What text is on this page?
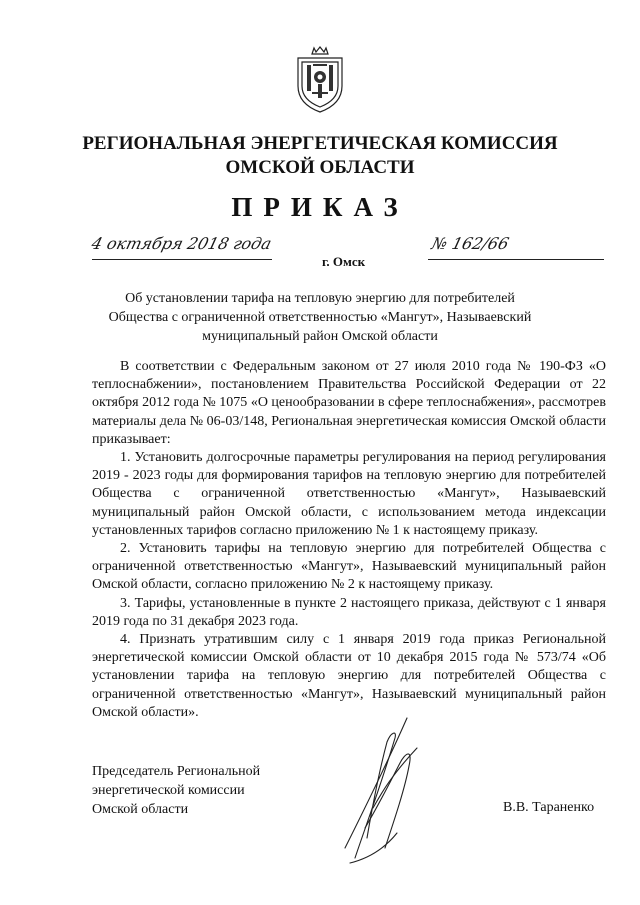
РЕГИОНАЛЬНАЯ ЭНЕРГЕТИЧЕСКАЯ КОМИССИЯ
ОМСКОЙ ОБЛАСТИ
ПРИКАЗ
4 октября 2018 года
г. Омск
№ 162/66
Об установлении тарифа на тепловую энергию для потребителей
Общества с ограниченной ответственностью «Мангут», Называевский
муниципальный район Омской области

В соответствии с Федеральным законом от 27 июля 2010 года № 190-ФЗ «О теплоснабжении», постановлением Правительства Российской Федерации от 22 октября 2012 года № 1075 «О ценообразовании в сфере теплоснабжения», рассмотрев материалы дела № 06-03/148, Региональная энергетическая комиссия Омской области приказывает:

1. Установить долгосрочные параметры регулирования на период регулирования 2019 - 2023 годы для формирования тарифов на тепловую энергию для потребителей Общества с ограниченной ответственностью «Мангут», Называевский муниципальный район Омской области, с использованием метода индексации установленных тарифов согласно приложению № 1 к настоящему приказу.

2. Установить тарифы на тепловую энергию для потребителей Общества с ограниченной ответственностью «Мангут», Называевский муниципальный район Омской области, согласно приложению № 2 к настоящему приказу.

3. Тарифы, установленные в пункте 2 настоящего приказа, действуют с 1 января 2019 года по 31 декабря 2023 года.

4. Признать утратившим силу с 1 января 2019 года приказ Региональной энергетической комиссии Омской области от 10 декабря 2015 года № 573/74 «Об установлении тарифа на тепловую энергию для потребителей Общества с ограниченной ответственностью «Мангут», Называевский муниципальный район Омской области».

Председатель Региональной
энергетической комиссии
Омской области	В.В. Тараненко
